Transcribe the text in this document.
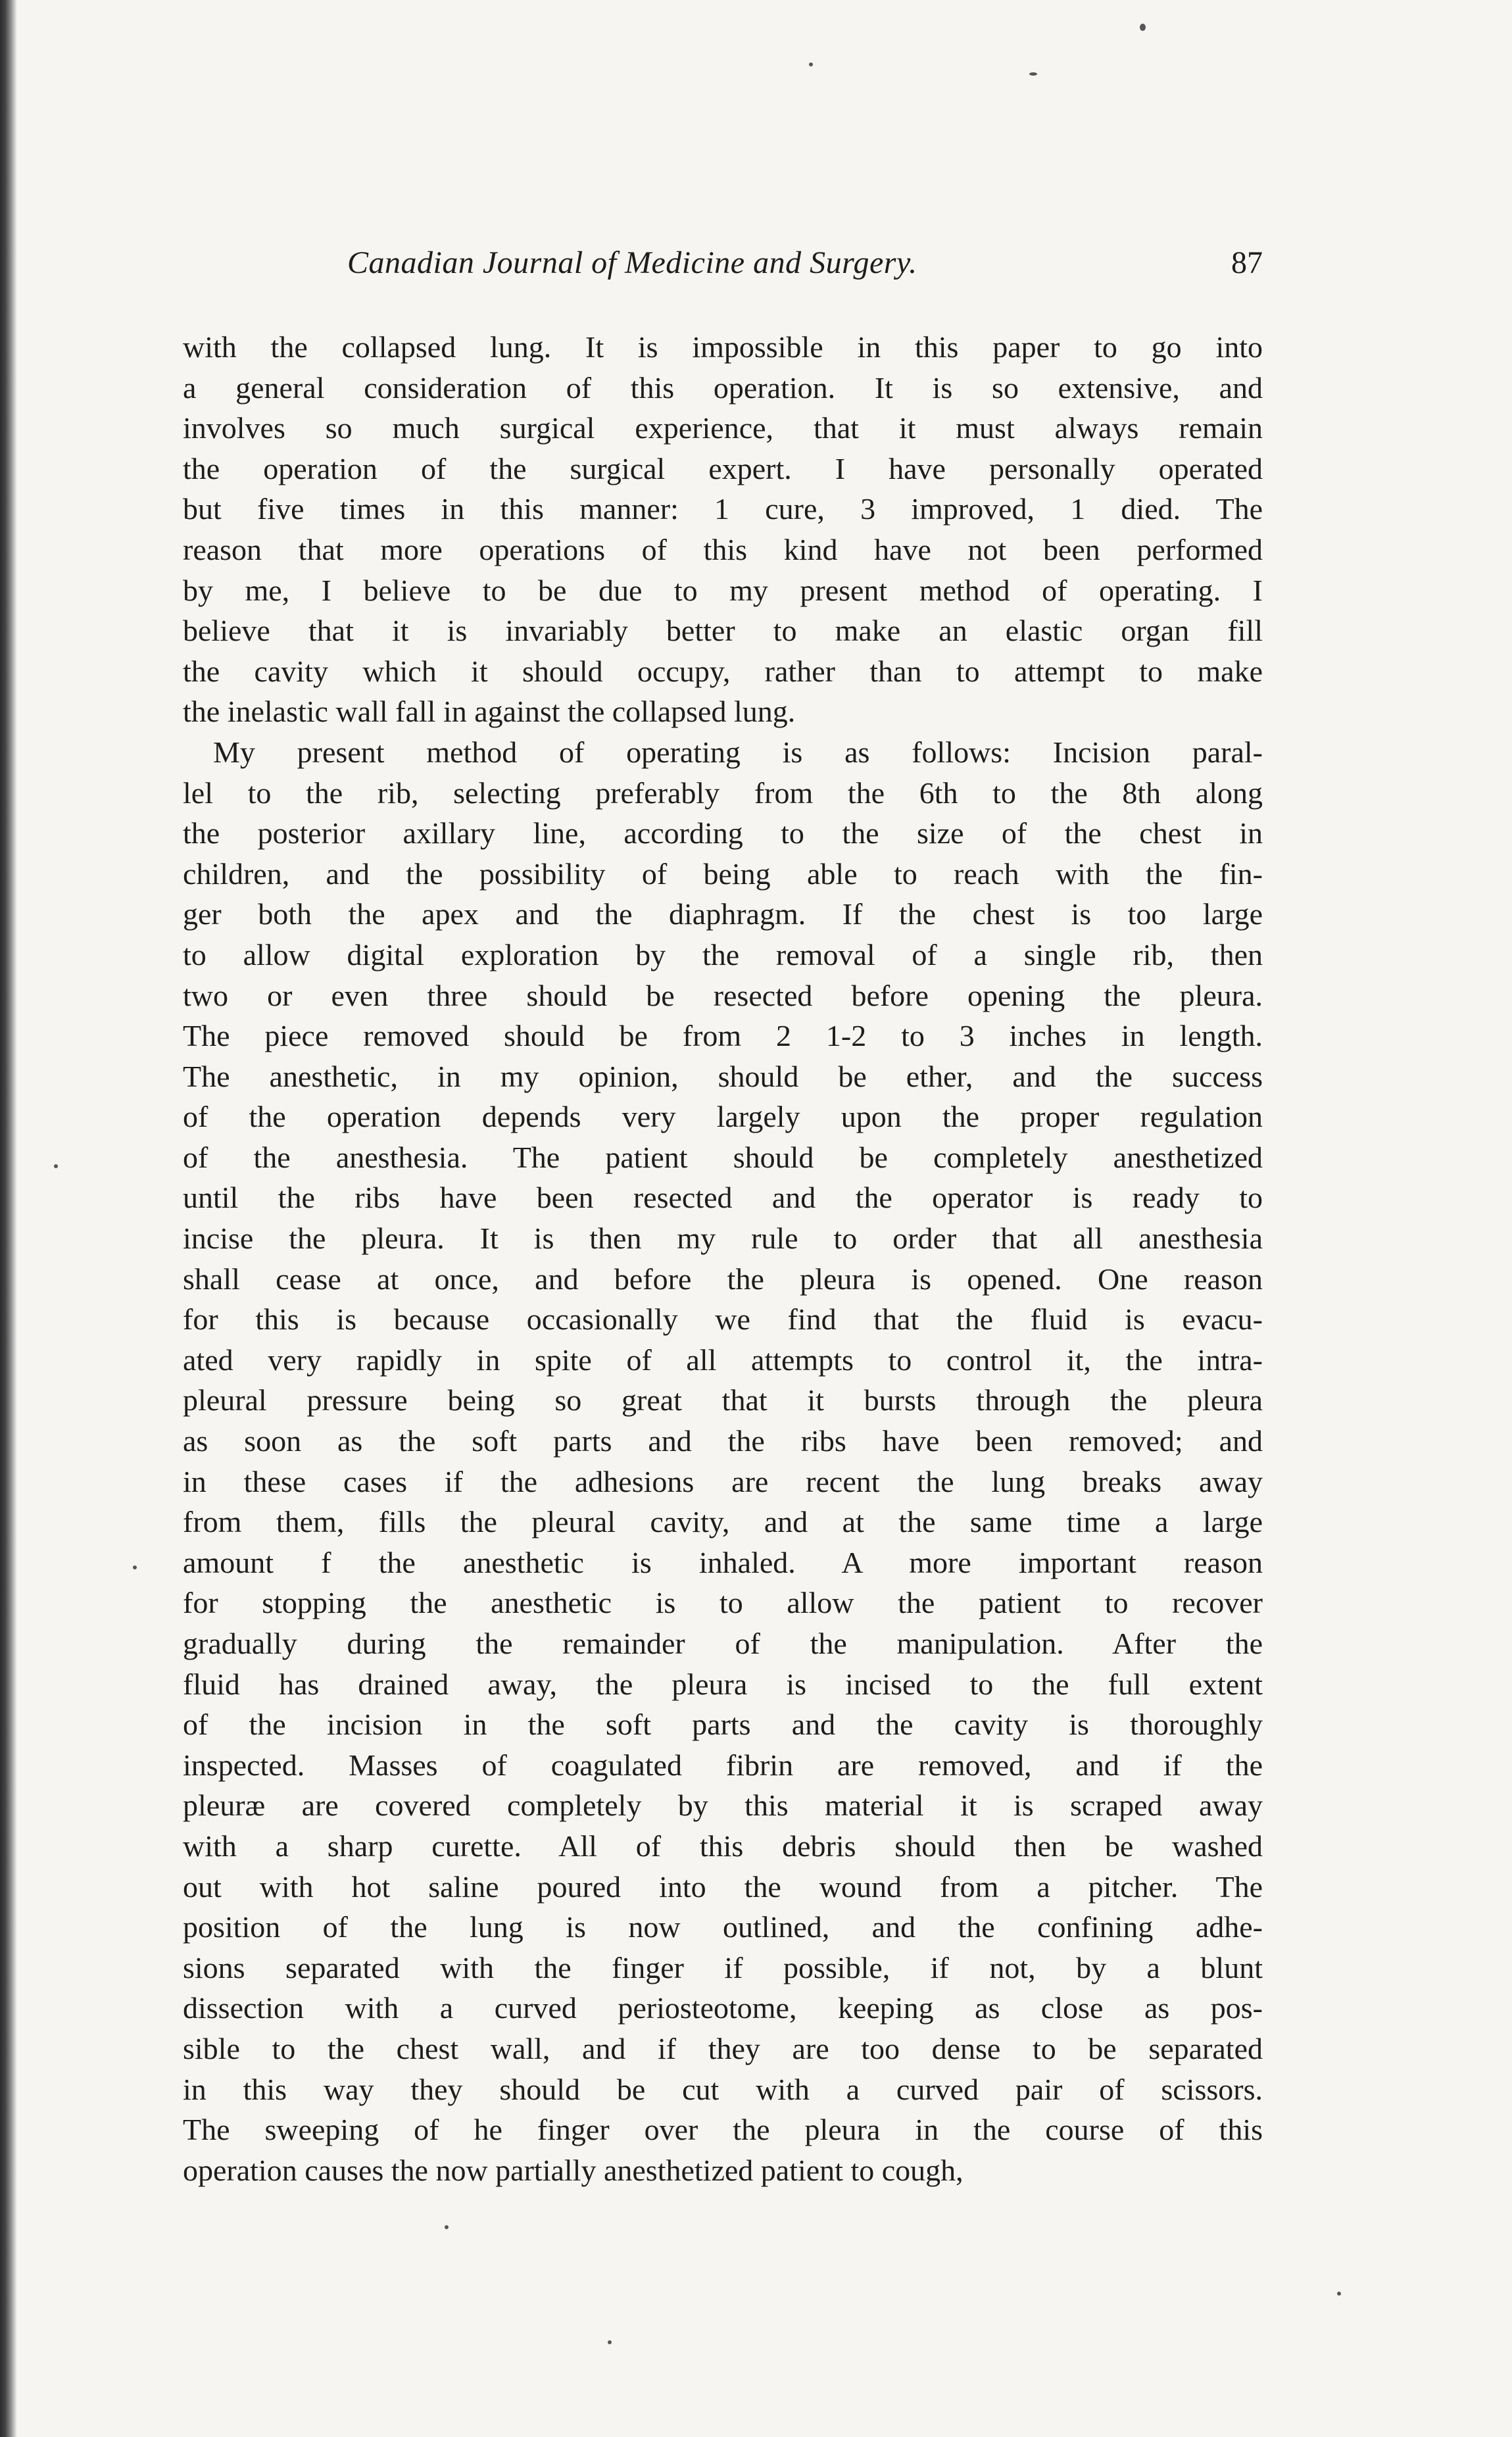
Canadian Journal of Medicine and Surgery.	87
with the collapsed lung. It is impossible in this paper to go into
a general consideration of this operation. It is so extensive, and
involves so much surgical experience, that it must always remain
the operation of the surgical expert. I have personally operated
but five times in this manner: 1 cure, 3 improved, 1 died. The
reason that more operations of this kind have not been performed
by me, I believe to be due to my present method of operating. I
believe that it is invariably better to make an elastic organ fill
the cavity which it should occupy, rather than to attempt to make
the inelastic wall fall in against the collapsed lung.
My present method of operating is as follows: Incision paral-
lel to the rib, selecting preferably from the 6th to the 8th along
the posterior axillary line, according to the size of the chest in
children, and the possibility of being able to reach with the fin-
ger both the apex and the diaphragm. If the chest is too large
to allow digital exploration by the removal of a single rib, then
two or even three should be resected before opening the pleura.
The piece removed should be from 2 1-2 to 3 inches in length.
The anesthetic, in my opinion, should be ether, and the success
of the operation depends very largely upon the proper regulation
of the anesthesia. The patient should be completely anesthetized
until the ribs have been resected and the operator is ready to
incise the pleura. It is then my rule to order that all anesthesia
shall cease at once, and before the pleura is opened. One reason
for this is because occasionally we find that the fluid is evacu-
ated very rapidly in spite of all attempts to control it, the intra-
pleural pressure being so great that it bursts through the pleura
as soon as the soft parts and the ribs have been removed; and
in these cases if the adhesions are recent the lung breaks away
from them, fills the pleural cavity, and at the same time a large
amount f the anesthetic is inhaled. A more important reason
for stopping the anesthetic is to allow the patient to recover
gradually during the remainder of the manipulation. After the
fluid has drained away, the pleura is incised to the full extent
of the incision in the soft parts and the cavity is thoroughly
inspected. Masses of coagulated fibrin are removed, and if the
pleuræ are covered completely by this material it is scraped away
with a sharp curette. All of this debris should then be washed
out with hot saline poured into the wound from a pitcher. The
position of the lung is now outlined, and the confining adhe-
sions separated with the finger if possible, if not, by a blunt
dissection with a curved periosteotome, keeping as close as pos-
sible to the chest wall, and if they are too dense to be separated
in this way they should be cut with a curved pair of scissors.
The sweeping of he finger over the pleura in the course of this
operation causes the now partially anesthetized patient to cough,
